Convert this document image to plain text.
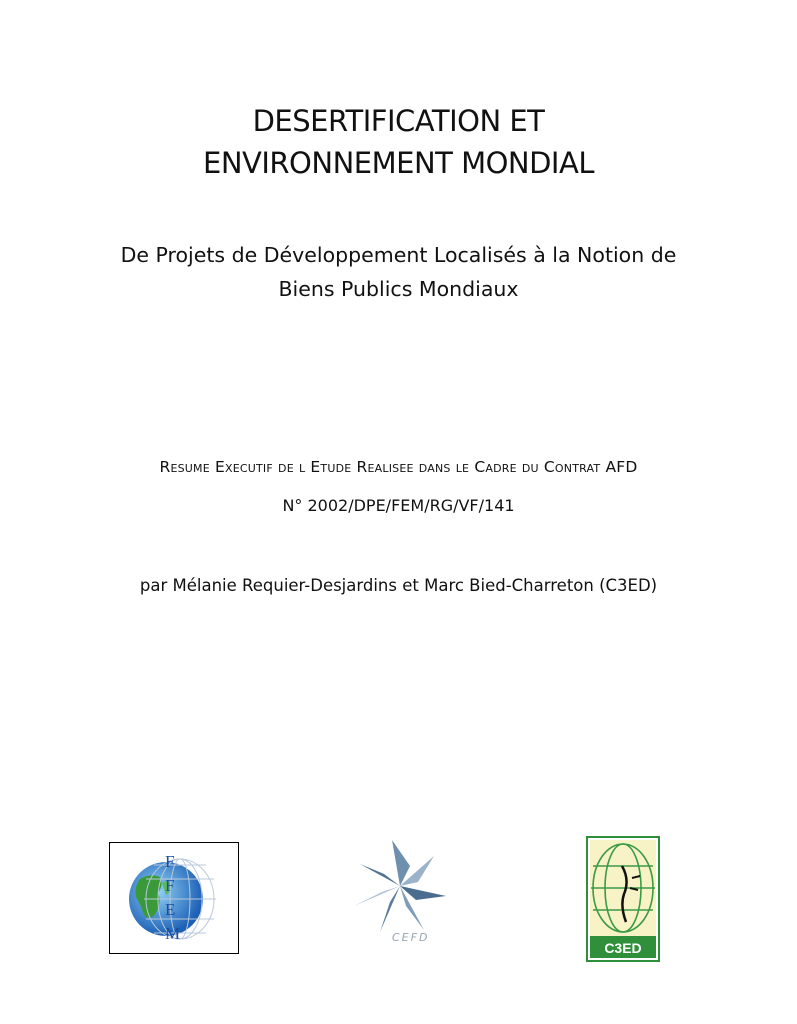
DESERTIFICATION ET
ENVIRONNEMENT MONDIAL
De Projets de Développement Localisés à la Notion de
Biens Publics Mondiaux
Resume Executif de l Etude Realisee dans le Cadre du Contrat AFD
N° 2002/DPE/FEM/RG/VF/141
par Mélanie Requier-Desjardins et Marc Bied-Charreton (C3ED)
F
F
E
M	CEFD
C3ED
